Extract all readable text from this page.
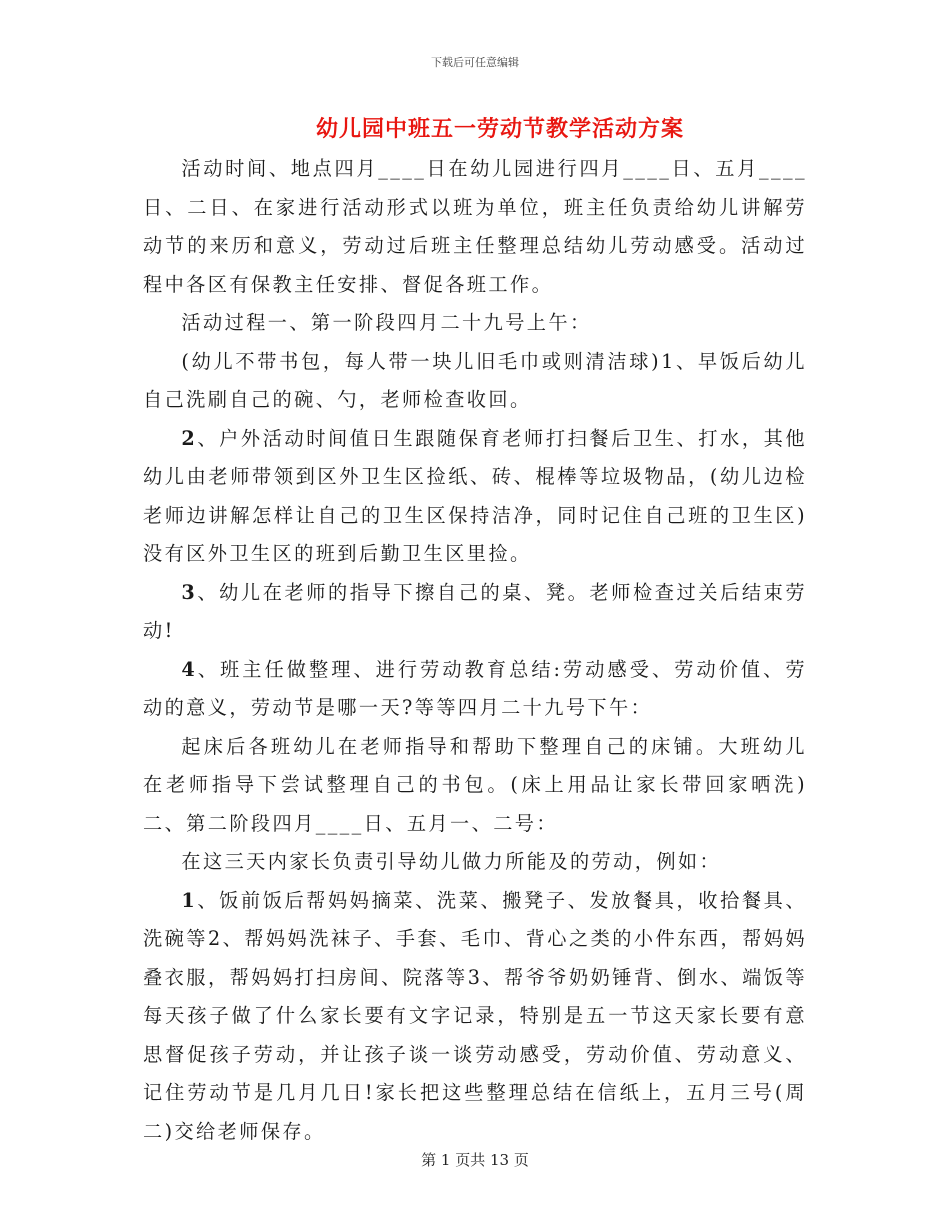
下载后可任意编辑
幼儿园中班五一劳动节教学活动方案

活动时间、地点四月____日在幼儿园进行四月____日、五月____日、二日、在家进行活动形式以班为单位，班主任负责给幼儿讲解劳动节的来历和意义，劳动过后班主任整理总结幼儿劳动感受。活动过程中各区有保教主任安排、督促各班工作。

活动过程一、第一阶段四月二十九号上午：

(幼儿不带书包，每人带一块儿旧毛巾或则清洁球)1、早饭后幼儿自己洗刷自己的碗、勺，老师检查收回。

2、户外活动时间值日生跟随保育老师打扫餐后卫生、打水，其他幼儿由老师带领到区外卫生区捡纸、砖、棍棒等垃圾物品，(幼儿边检老师边讲解怎样让自己的卫生区保持洁净，同时记住自己班的卫生区)没有区外卫生区的班到后勤卫生区里捡。

3、幼儿在老师的指导下擦自己的桌、凳。老师检查过关后结束劳动!

4、班主任做整理、进行劳动教育总结:劳动感受、劳动价值、劳动的意义，劳动节是哪一天?等等四月二十九号下午：

起床后各班幼儿在老师指导和帮助下整理自己的床铺。大班幼儿在老师指导下尝试整理自己的书包。(床上用品让家长带回家晒洗)二、第二阶段四月____日、五月一、二号：

在这三天内家长负责引导幼儿做力所能及的劳动，例如：

1、饭前饭后帮妈妈摘菜、洗菜、搬凳子、发放餐具，收拾餐具、洗碗等2、帮妈妈洗袜子、手套、毛巾、背心之类的小件东西，帮妈妈叠衣服，帮妈妈打扫房间、院落等3、帮爷爷奶奶锤背、倒水、端饭等每天孩子做了什么家长要有文字记录，特别是五一节这天家长要有意思督促孩子劳动，并让孩子谈一谈劳动感受，劳动价值、劳动意义、记住劳动节是几月几日!家长把这些整理总结在信纸上，五月三号(周二)交给老师保存。

第 1 页共 13 页
